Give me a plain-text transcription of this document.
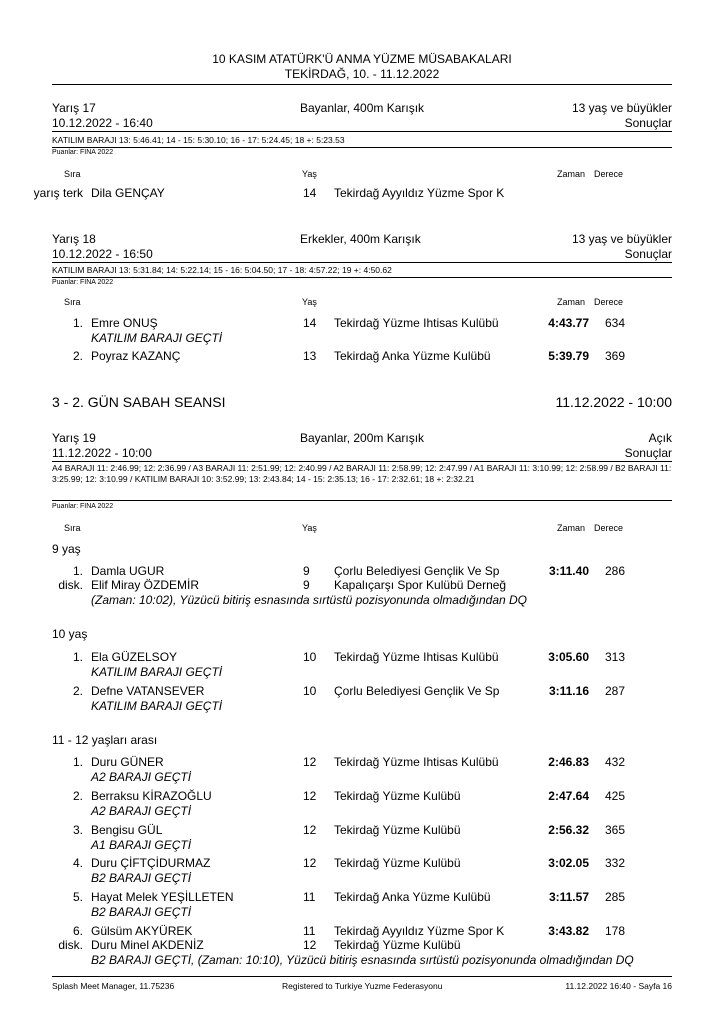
10 KASIM ATATÜRK'Ü ANMA YÜZME MÜSABAKALARI
TEKİRDAĞ, 10. - 11.12.2022
Yarış 17	Bayanlar, 400m Karışık	13 yaş ve büyükler
10.12.2022 - 16:40	Sonuçlar
KATILIM BARAJI 13: 5:46.41; 14 - 15: 5:30.10; 16 - 17: 5:24.45; 18 +: 5:23.53
Puanlar: FINA 2022
Sıra	Yaş	Zaman Derece
yarış terk Dila GENÇAY	14 Tekirdağ Ayyıldız Yüzme Spor K
Yarış 18	Erkekler, 400m Karışık	13 yaş ve büyükler
10.12.2022 - 16:50	Sonuçlar
KATILIM BARAJI 13: 5:31.84; 14: 5:22.14; 15 - 16: 5:04.50; 17 - 18: 4:57.22; 19 +: 4:50.62
Puanlar: FINA 2022
Sıra	Yaş	Zaman Derece
1. Emre ONUŞ	14 Tekirdağ Yüzme Ihtisas Kulübü	4:43.77 634
KATILIM BARAJI GEÇTİ
2. Poyraz KAZANÇ	13 Tekirdağ Anka Yüzme Kulübü	5:39.79 369
3 - 2. GÜN SABAH SEANSI	11.12.2022 - 10:00
Yarış 19	Bayanlar, 200m Karışık	Açık
11.12.2022 - 10:00	Sonuçlar
A4 BARAJI 11: 2:46.99; 12: 2:36.99 / A3 BARAJI 11: 2:51.99; 12: 2:40.99 / A2 BARAJI 11: 2:58.99; 12: 2:47.99 / A1 BARAJI 11: 3:10.99; 12: 2:58.99 / B2 BARAJI 11: 3:25.99; 12: 3:10.99 / KATILIM BARAJI 10: 3:52.99; 13: 2:43.84; 14 - 15: 2:35.13; 16 - 17: 2:32.61; 18 +: 2:32.21
Puanlar: FINA 2022
Sıra	Yaş	Zaman Derece
9 yaş
1. Damla UGUR	9 Çorlu Belediyesi Gençlik Ve Sp	3:11.40 286
disk. Elif Miray ÖZDEMİR	9 Kapalıçarşı Spor Kulübü Derneğ
(Zaman: 10:02), Yüzücü bitiriş esnasında sırtüstü pozisyonunda olmadığından DQ
10 yaş
1. Ela GÜZELSOY	10 Tekirdağ Yüzme Ihtisas Kulübü	3:05.60 313
KATILIM BARAJI GEÇTİ
2. Defne VATANSEVER	10 Çorlu Belediyesi Gençlik Ve Sp	3:11.16 287
KATILIM BARAJI GEÇTİ
11 - 12 yaşları arası
1. Duru GÜNER	12 Tekirdağ Yüzme Ihtisas Kulübü	2:46.83 432
A2 BARAJI GEÇTİ
2. Berraksu KİRAZOĞLU	12 Tekirdağ Yüzme Kulübü	2:47.64 425
A2 BARAJI GEÇTİ
3. Bengisu GÜL	12 Tekirdağ Yüzme Kulübü	2:56.32 365
A1 BARAJI GEÇTİ
4. Duru ÇİFTÇİDURMAZ	12 Tekirdağ Yüzme Kulübü	3:02.05 332
B2 BARAJI GEÇTİ
5. Hayat Melek YEŞİLLETEN	11 Tekirdağ Anka Yüzme Kulübü	3:11.57 285
B2 BARAJI GEÇTİ
6. Gülsüm AKYÜREK	11 Tekirdağ Ayyıldız Yüzme Spor K	3:43.82 178
disk. Duru Minel AKDENİZ	12 Tekirdağ Yüzme Kulübü
B2 BARAJI GEÇTİ, (Zaman: 10:10), Yüzücü bitiriş esnasında sırtüstü pozisyonunda olmadığından DQ
Splash Meet Manager, 11.75236	Registered to Turkiye Yuzme Federasyonu	11.12.2022 16:40 - Sayfa 16
